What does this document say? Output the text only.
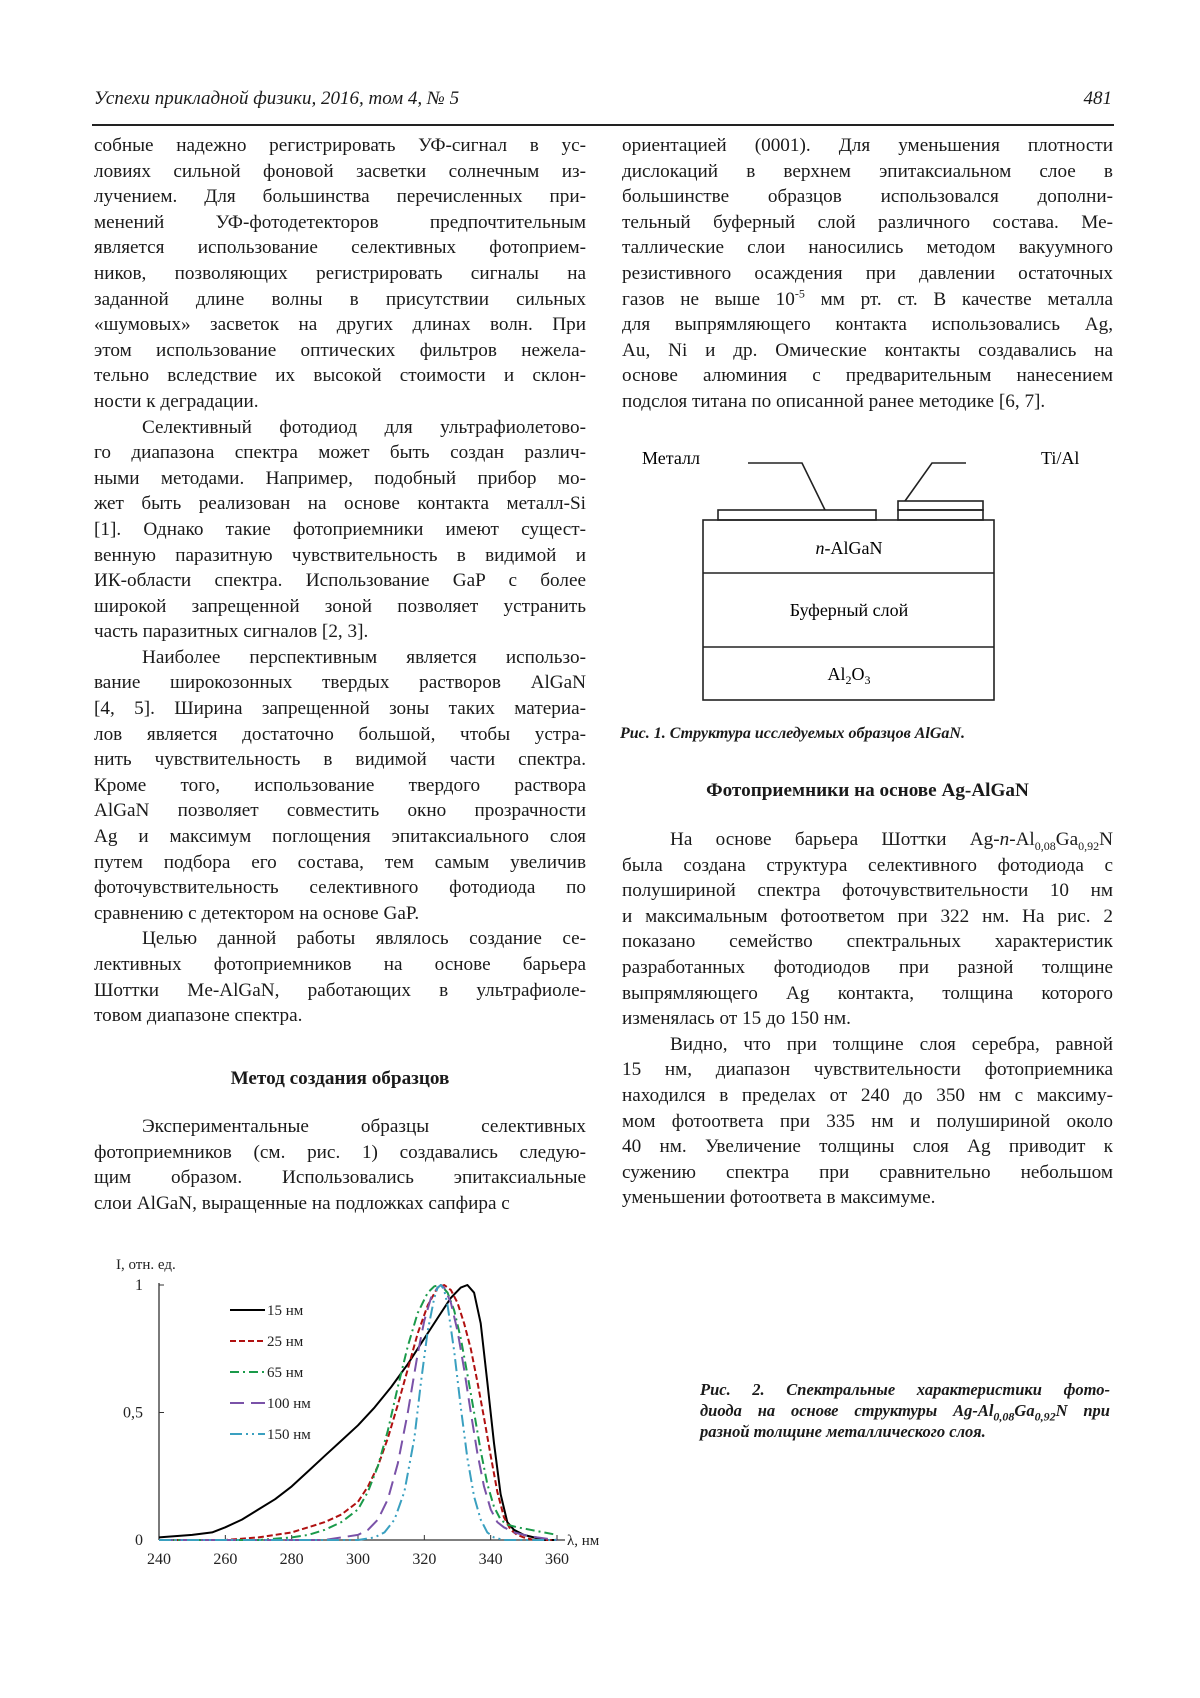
Успехи прикладной физики, 2016, том 4, № 5	481
собные надежно регистрировать УФ-сигнал в ус-
ловиях сильной фоновой засветки солнечным из-
лучением. Для большинства перечисленных при-
менений УФ-фотодетекторов предпочтительным
является использование селективных фотоприем-
ников, позволяющих регистрировать сигналы на
заданной длине волны в присутствии сильных
«шумовых» засветок на других длинах волн. При
этом использование оптических фильтров нежела-
тельно вследствие их высокой стоимости и склон-
ности к деградации.
Селективный фотодиод для ультрафиолетово-
го диапазона спектра может быть создан различ-
ными методами. Например, подобный прибор мо-
жет быть реализован на основе контакта металл-Si
[1]. Однако такие фотоприемники имеют сущест-
венную паразитную чувствительность в видимой и
ИК-области спектра. Использование GaP с более
широкой запрещенной зоной позволяет устранить
часть паразитных сигналов [2, 3].
Наиболее перспективным является использо-
вание широкозонных твердых растворов AlGaN
[4, 5]. Ширина запрещенной зоны таких материа-
лов является достаточно большой, чтобы устра-
нить чувствительность в видимой части спектра.
Кроме того, использование твердого раствора
AlGaN позволяет совместить окно прозрачности
Ag и максимум поглощения эпитаксиального слоя
путем подбора его состава, тем самым увеличив
фоточувствительность селективного фотодиода по
сравнению с детектором на основе GaP.
Целью данной работы являлось создание се-
лективных фотоприемников на основе барьера
Шоттки Me-AlGaN, работающих в ультрафиоле-
товом диапазоне спектра.
Метод создания образцов
Экспериментальные образцы селективных
фотоприемников (см. рис. 1) создавались следую-
щим образом. Использовались эпитаксиальные
слои AlGaN, выращенные на подложках сапфира с
ориентацией (0001). Для уменьшения плотности
дислокаций в верхнем эпитаксиальном слое в
большинстве образцов использовался дополни-
тельный буферный слой различного состава. Ме-
таллические слои наносились методом вакуумного
резистивного осаждения при давлении остаточных
газов не выше $10^{-5}$ мм рт. ст. В качестве металла
для выпрямляющего контакта использовались Ag,
Au, Ni и др. Омические контакты создавались на
основе алюминия с предварительным нанесением
подслоя титана по описанной ранее методике [6, 7].
Металл	Ti/Al
n-AlGaN
Буферный слой
$Al_2O_3$
Рис. 1. Структура исследуемых образцов AlGaN.
Фотоприемники на основе Ag-AlGaN
На основе барьера Шоттки $Ag-n-Al_{0,08}Ga_{0,92}N$
была создана структура селективного фотодиода с
полушириной спектра фоточувствительности 10 нм
и максимальным фотоответом при 322 нм. На рис. 2
показано семейство спектральных характеристик
разработанных фотодиодов при разной толщине
выпрямляющего Ag контакта, толщина которого
изменялась от 15 до 150 нм.
Видно, что при толщине слоя серебра, равной
15 нм, диапазон чувствительности фотоприемника
находился в пределах от 240 до 350 нм с максиму-
мом фотоответа при 335 нм и полушириной около
40 нм. Увеличение толщины слоя Ag приводит к
сужению спектра при сравнительно небольшом
уменьшении фотоответа в максимуме.
240	260	280	300	320	340	360
0
0,5
1
I, отн. ед.
λ, нм
15 нм
25 нм
65 нм
100 нм
150 нм
Рис. 2. Спектральные характеристики фото-
диода на основе структуры $Ag-Al_{0,08}Ga_{0,92}N$ при
разной толщине металлического слоя.
